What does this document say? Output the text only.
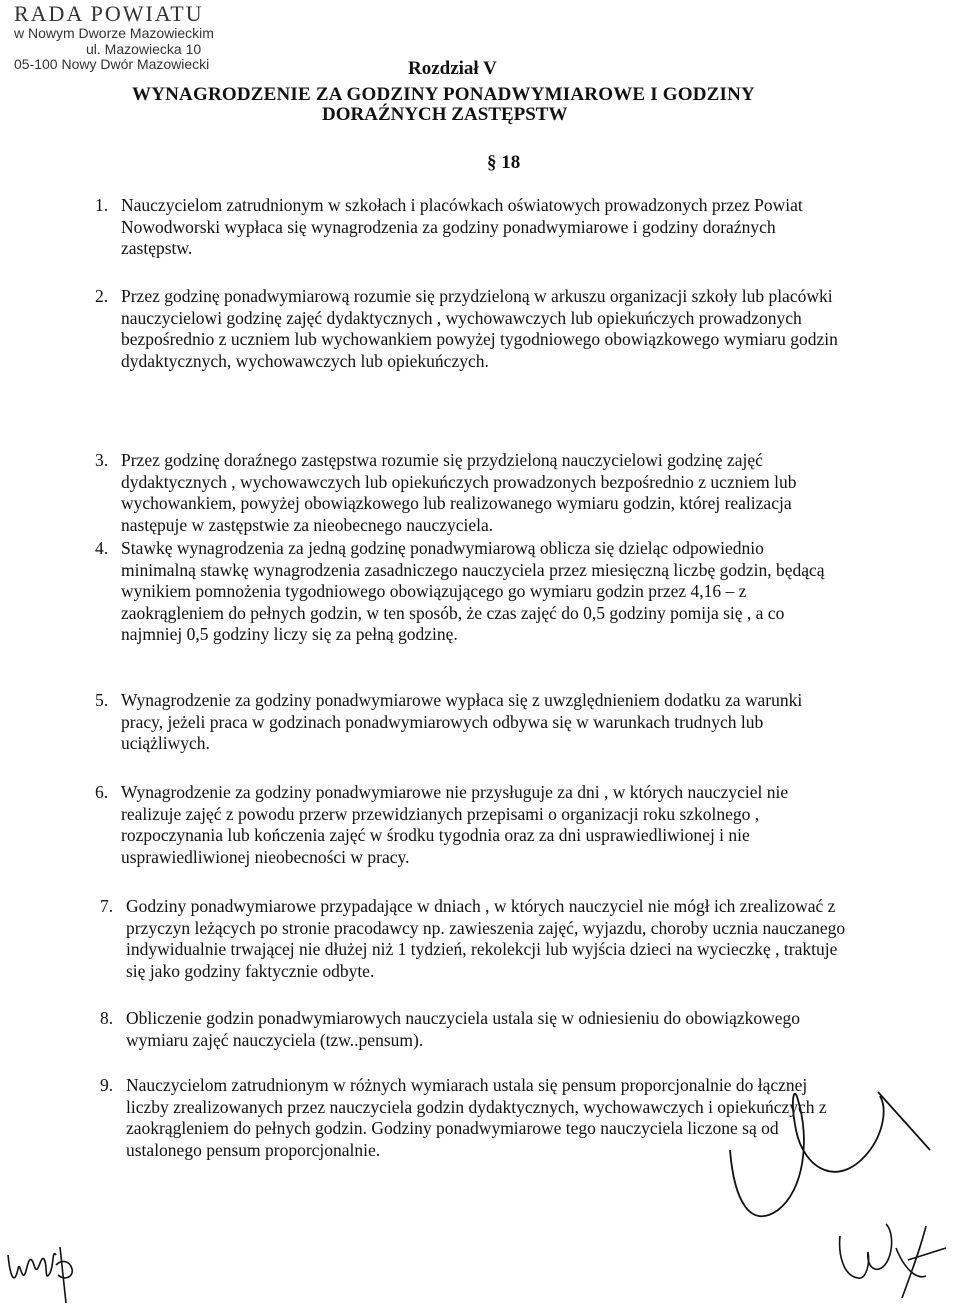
RADA POWIATU
w Nowym Dworze Mazowieckim
ul. Mazowiecka 10
05-100 Nowy Dwór Mazowiecki	Rozdział V
WYNAGRODZENIE ZA GODZINY PONADWYMIAROWE I GODZINY
DORAŹNYCH ZASTĘPSTW
§ 18
1. Nauczycielom zatrudnionym w szkołach i placówkach oświatowych prowadzonych przez Powiat Nowodworski wypłaca się wynagrodzenia za godziny ponadwymiarowe i godziny doraźnych zastępstw.
2. Przez godzinę ponadwymiarową rozumie się przydzieloną w arkuszu organizacji szkoły lub placówki nauczycielowi godzinę zajęć dydaktycznych , wychowawczych lub opiekuńczych prowadzonych bezpośrednio z uczniem lub wychowankiem powyżej tygodniowego obowiązkowego wymiaru godzin dydaktycznych, wychowawczych lub opiekuńczych.
3. Przez godzinę doraźnego zastępstwa rozumie się przydzieloną nauczycielowi godzinę zajęć dydaktycznych , wychowawczych lub opiekuńczych prowadzonych bezpośrednio z uczniem lub wychowankiem, powyżej obowiązkowego lub realizowanego wymiaru godzin, której realizacja następuje w zastępstwie za nieobecnego nauczyciela.
4. Stawkę wynagrodzenia za jedną godzinę ponadwymiarową oblicza się dzieląc odpowiednio minimalną stawkę wynagrodzenia zasadniczego nauczyciela przez miesięczną liczbę godzin, będącą wynikiem pomnożenia tygodniowego obowiązującego go wymiaru godzin przez 4,16 – z zaokrągleniem do pełnych godzin, w ten sposób, że czas zajęć do 0,5 godziny pomija się , a co najmniej 0,5 godziny liczy się za pełną godzinę.
5. Wynagrodzenie za godziny ponadwymiarowe wypłaca się z uwzględnieniem dodatku za warunki pracy, jeżeli praca w godzinach ponadwymiarowych odbywa się w warunkach trudnych lub uciążliwych.
6. Wynagrodzenie za godziny ponadwymiarowe nie przysługuje za dni , w których nauczyciel nie realizuje zajęć z powodu przerw przewidzianych przepisami o organizacji roku szkolnego , rozpoczynania lub kończenia zajęć w środku tygodnia oraz za dni usprawiedliwionej i nie usprawiedliwionej nieobecności w pracy.
7. Godziny ponadwymiarowe przypadające w dniach , w których nauczyciel nie mógł ich zrealizować z przyczyn leżących po stronie pracodawcy np. zawieszenia zajęć, wyjazdu, choroby ucznia nauczanego indywidualnie trwającej nie dłużej niż 1 tydzień, rekolekcji lub wyjścia dzieci na wycieczkę , traktuje się jako godziny faktycznie odbyte.
8. Obliczenie godzin ponadwymiarowych nauczyciela ustala się w odniesieniu do obowiązkowego wymiaru zajęć nauczyciela (tzw..pensum).
9. Nauczycielom zatrudnionym w różnych wymiarach ustala się pensum proporcjonalnie do łącznej liczby zrealizowanych przez nauczyciela godzin dydaktycznych, wychowawczych i opiekuńczych z zaokrągleniem do pełnych godzin. Godziny ponadwymiarowe tego nauczyciela liczone są od ustalonego pensum proporcjonalnie.
